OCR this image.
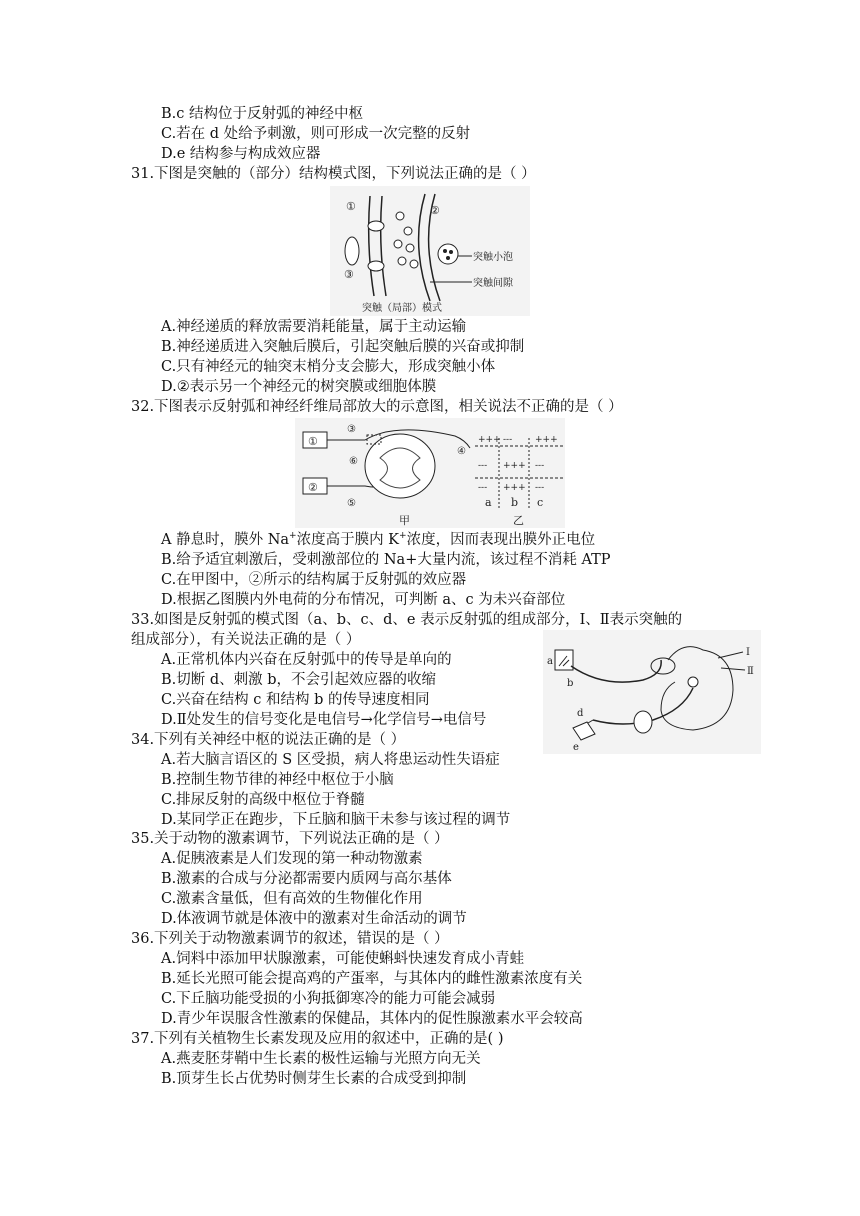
B.c 结构位于反射弧的神经中枢
C.若在 d 处给予刺激，则可形成一次完整的反射
D.e 结构参与构成效应器
31.下图是突触的（部分）结构模式图，下列说法正确的是（ ）
①	②
③
突触小泡
突触间隙
突触（局部）模式
A.神经递质的释放需要消耗能量，属于主动运输
B.神经递质进入突触后膜后，引起突触后膜的兴奋或抑制
C.只有神经元的轴突末梢分支会膨大，形成突触小体
D.②表示另一个神经元的树突膜或细胞体膜
32.下图表示反射弧和神经纤维局部放大的示意图，相关说法不正确的是（ ）
①
②
③
④
⑤
⑥
甲
+++ ---	+++
--- +++ ---
--- +++ ---
a b c
乙
A 静息时，膜外 Na+浓度高于膜内 K+浓度，因而表现出膜外正电位
B.给予适宜刺激后，受刺激部位的 Na+大量内流，该过程不消耗 ATP
C.在甲图中，②所示的结构属于反射弧的效应器
D.根据乙图膜内外电荷的分布情况，可判断 a、c 为未兴奋部位
33.如图是反射弧的模式图（a、b、c、d、e 表示反射弧的组成部分，Ⅰ、Ⅱ表示突触的
组成部分），有关说法正确的是（ ）
a
b
d
e
Ⅰ
Ⅱ
A.正常机体内兴奋在反射弧中的传导是单向的
B.切断 d、刺激 b，不会引起效应器的收缩
C.兴奋在结构 c 和结构 b 的传导速度相同
D.Ⅱ处发生的信号变化是电信号→化学信号→电信号
34.下列有关神经中枢的说法正确的是（ ）
A.若大脑言语区的 S 区受损，病人将患运动性失语症
B.控制生物节律的神经中枢位于小脑
C.排尿反射的高级中枢位于脊髓
D.某同学正在跑步，下丘脑和脑干未参与该过程的调节
35.关于动物的激素调节，下列说法正确的是（ ）
A.促胰液素是人们发现的第一种动物激素
B.激素的合成与分泌都需要内质网与高尔基体
C.激素含量低，但有高效的生物催化作用
D.体液调节就是体液中的激素对生命活动的调节
36.下列关于动物激素调节的叙述，错误的是（ ）
A.饲料中添加甲状腺激素，可能使蝌蚪快速发育成小青蛙
B.延长光照可能会提高鸡的产蛋率，与其体内的雌性激素浓度有关
C.下丘脑功能受损的小狗抵御寒冷的能力可能会减弱
D.青少年误服含性激素的保健品，其体内的促性腺激素水平会较高
37.下列有关植物生长素发现及应用的叙述中，正确的是( )
A.燕麦胚芽鞘中生长素的极性运输与光照方向无关
B.顶芽生长占优势时侧芽生长素的合成受到抑制
